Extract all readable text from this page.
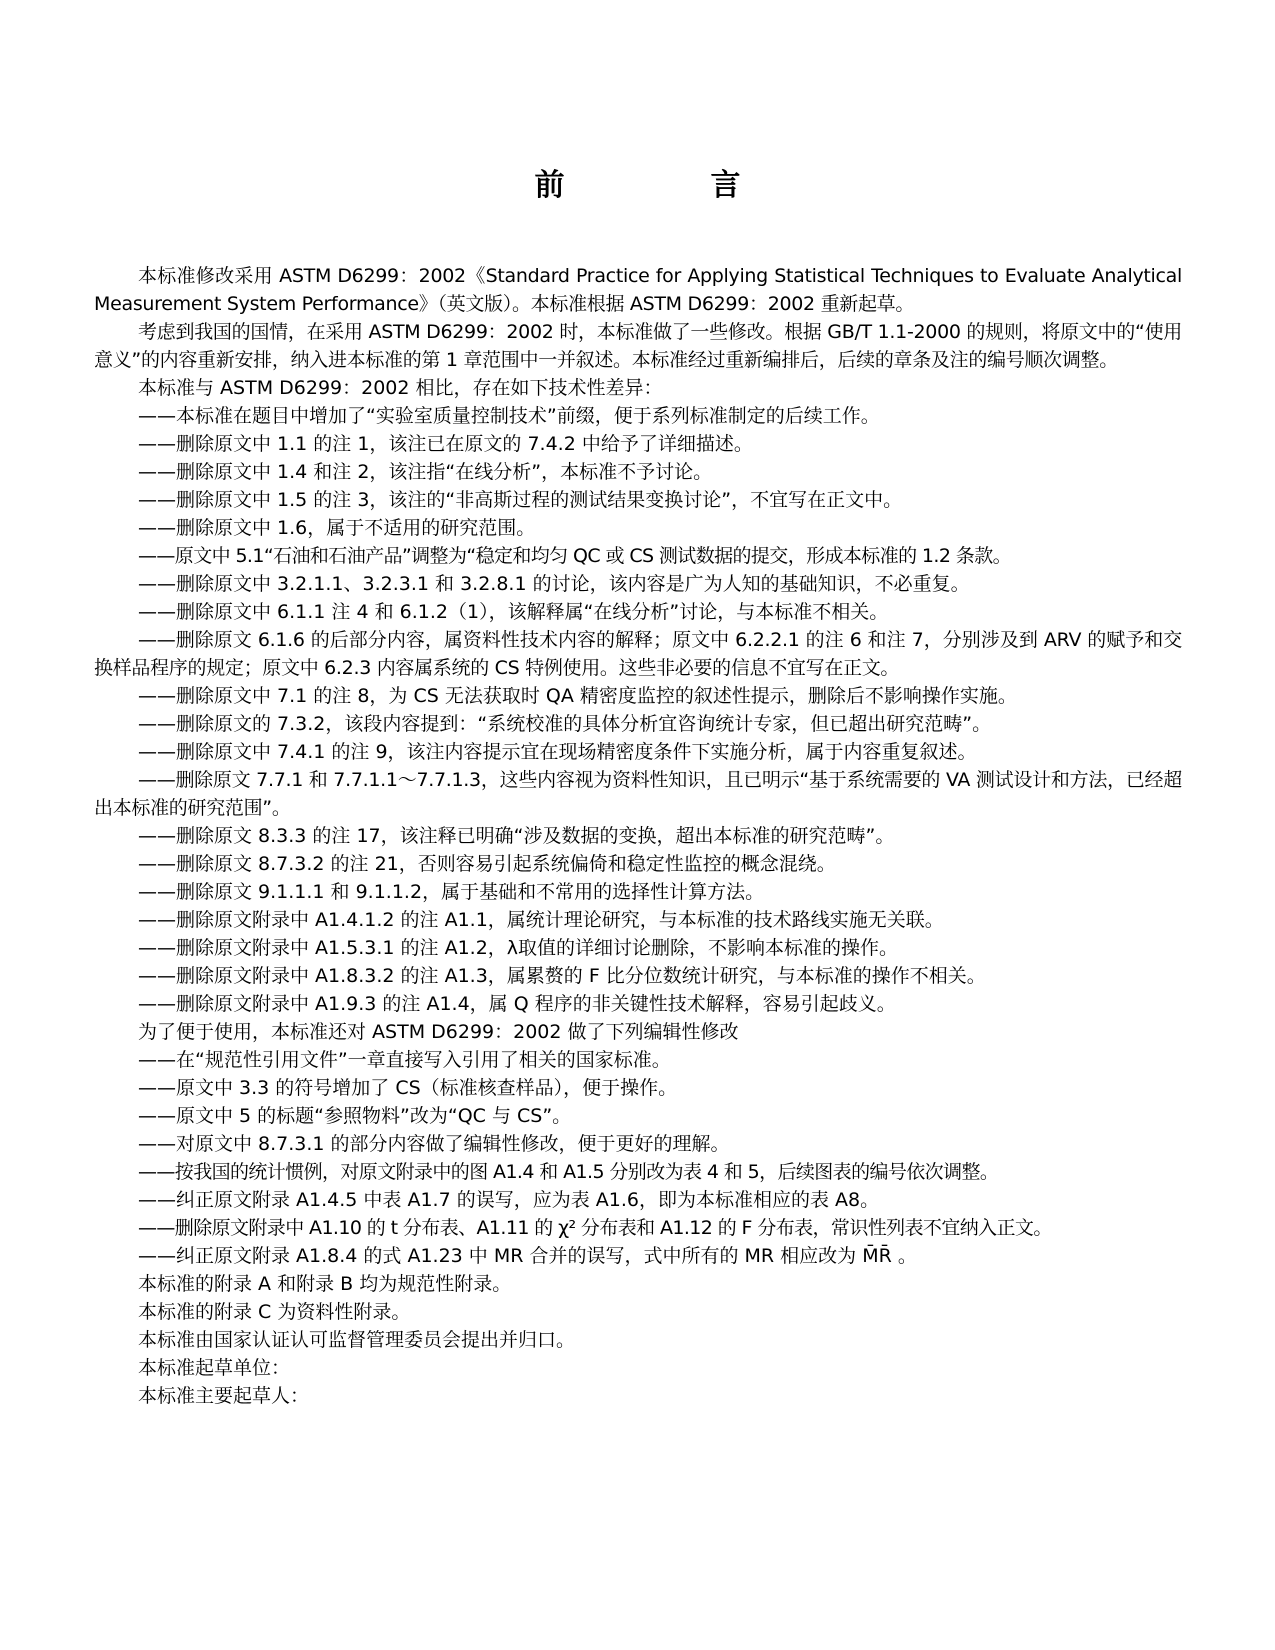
前　言

本标准修改采用 ASTM D6299：2002《Standard Practice for Applying Statistical Techniques to Evaluate Analytical Measurement System Performance》（英文版）。本标准根据 ASTM D6299：2002 重新起草。

考虑到我国的国情，在采用 ASTM D6299：2002 时，本标准做了一些修改。根据 GB/T 1.1-2000 的规则，将原文中的“使用意义”的内容重新安排，纳入进本标准的第 1 章范围中一并叙述。本标准经过重新编排后，后续的章条及注的编号顺次调整。

本标准与 ASTM D6299：2002 相比，存在如下技术性差异：

——本标准在题目中增加了“实验室质量控制技术”前缀，便于系列标准制定的后续工作。

——删除原文中 1.1 的注 1，该注已在原文的 7.4.2 中给予了详细描述。

——删除原文中 1.4 和注 2，该注指“在线分析”，本标准不予讨论。

——删除原文中 1.5 的注 3，该注的“非高斯过程的测试结果变换讨论”，不宜写在正文中。

——删除原文中 1.6，属于不适用的研究范围。

——原文中 5.1“石油和石油产品”调整为“稳定和均匀 QC 或 CS 测试数据的提交，形成本标准的 1.2 条款。

——删除原文中 3.2.1.1、3.2.3.1 和 3.2.8.1 的讨论，该内容是广为人知的基础知识，不必重复。

——删除原文中 6.1.1 注 4 和 6.1.2（1），该解释属“在线分析”讨论，与本标准不相关。

——删除原文 6.1.6 的后部分内容，属资料性技术内容的解释；原文中 6.2.2.1 的注 6 和注 7，分别涉及到 ARV 的赋予和交换样品程序的规定；原文中 6.2.3 内容属系统的 CS 特例使用。这些非必要的信息不宜写在正文。

——删除原文中 7.1 的注 8，为 CS 无法获取时 QA 精密度监控的叙述性提示，删除后不影响操作实施。

——删除原文的 7.3.2，该段内容提到：“系统校准的具体分析宜咨询统计专家，但已超出研究范畴”。

——删除原文中 7.4.1 的注 9，该注内容提示宜在现场精密度条件下实施分析，属于内容重复叙述。

——删除原文 7.7.1 和 7.7.1.1～7.7.1.3，这些内容视为资料性知识，且已明示“基于系统需要的 VA 测试设计和方法，已经超出本标准的研究范围”。

——删除原文 8.3.3 的注 17，该注释已明确“涉及数据的变换，超出本标准的研究范畴”。

——删除原文 8.7.3.2 的注 21，否则容易引起系统偏倚和稳定性监控的概念混绕。

——删除原文 9.1.1.1 和 9.1.1.2，属于基础和不常用的选择性计算方法。

——删除原文附录中 A1.4.1.2 的注 A1.1，属统计理论研究，与本标准的技术路线实施无关联。

——删除原文附录中 A1.5.3.1 的注 A1.2，λ取值的详细讨论删除，不影响本标准的操作。

——删除原文附录中 A1.8.3.2 的注 A1.3，属累赘的 F 比分位数统计研究，与本标准的操作不相关。

——删除原文附录中 A1.9.3 的注 A1.4，属 Q 程序的非关键性技术解释，容易引起歧义。

为了便于使用，本标准还对 ASTM D6299：2002 做了下列编辑性修改

——在“规范性引用文件”一章直接写入引用了相关的国家标准。

——原文中 3.3 的符号增加了 CS（标准核查样品），便于操作。

——原文中 5 的标题“参照物料”改为“QC 与 CS”。

——对原文中 8.7.3.1 的部分内容做了编辑性修改，便于更好的理解。

——按我国的统计惯例，对原文附录中的图 A1.4 和 A1.5 分别改为表 4 和 5，后续图表的编号依次调整。

——纠正原文附录 A1.4.5 中表 A1.7 的误写，应为表 A1.6，即为本标准相应的表 A8。

——删除原文附录中 A1.10 的 t 分布表、A1.11 的 χ² 分布表和 A1.12 的 F 分布表，常识性列表不宜纳入正文。

——纠正原文附录 A1.8.4 的式 A1.23 中 MR 合并的误写，式中所有的 MR 相应改为 M̄R̄ 。

本标准的附录 A 和附录 B 均为规范性附录。

本标准的附录 C 为资料性附录。

本标准由国家认证认可监督管理委员会提出并归口。

本标准起草单位：

本标准主要起草人：
